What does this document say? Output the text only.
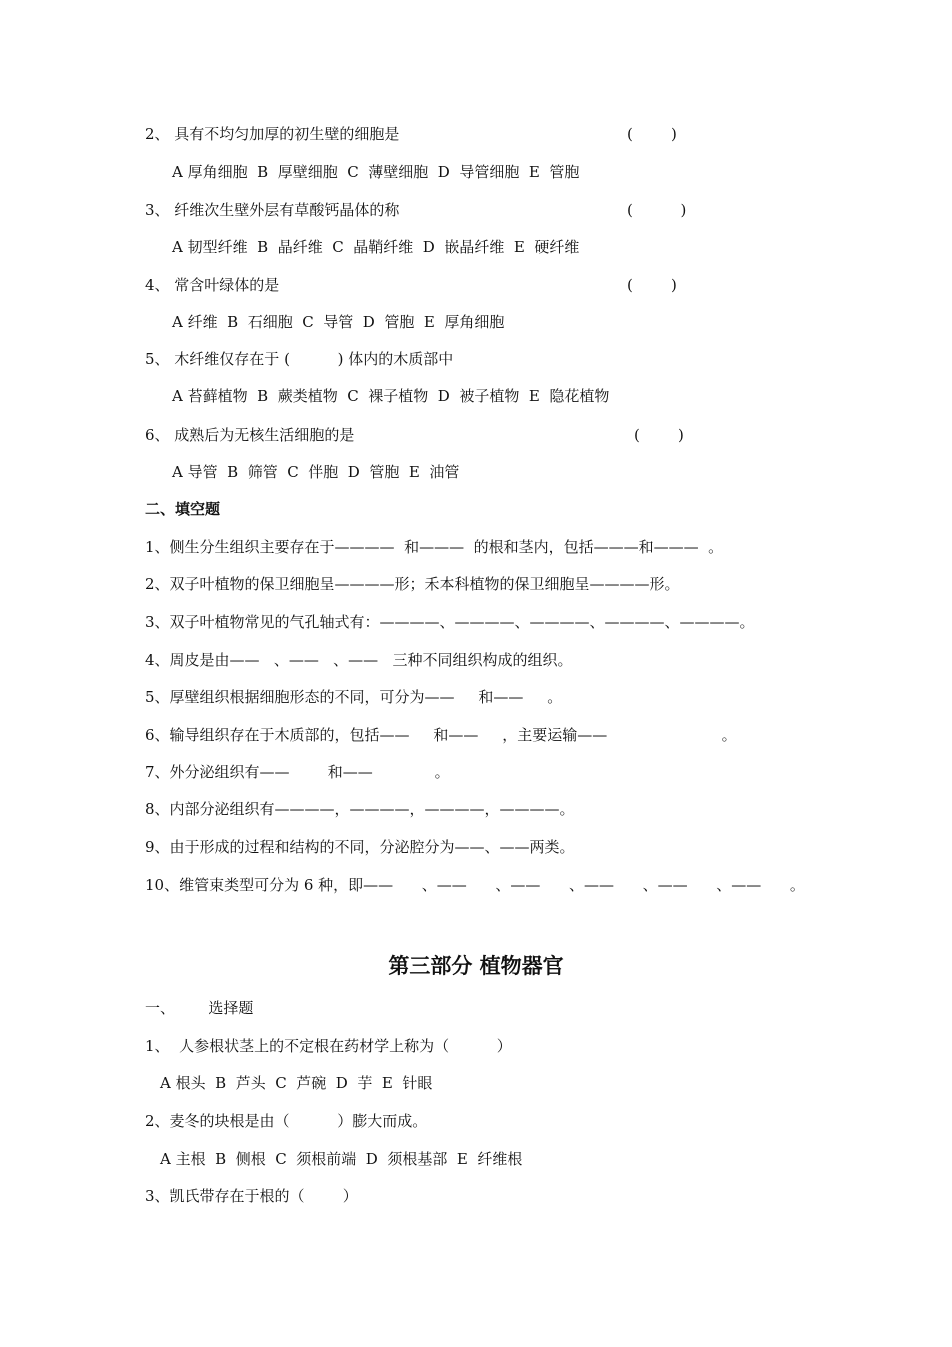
2、 具有不均匀加厚的初生壁的细胞是	(        )
A 厚角细胞  B  厚壁细胞  C  薄壁细胞  D  导管细胞  E  管胞
3、 纤维次生壁外层有草酸钙晶体的称	(          )
A 韧型纤维  B  晶纤维  C  晶鞘纤维  D  嵌晶纤维  E  硬纤维
4、 常含叶绿体的是	(        )
A 纤维  B  石细胞  C  导管  D  管胞  E  厚角细胞
5、 木纤维仅存在于 (          ) 体内的木质部中
A 苔藓植物  B  蕨类植物  C  裸子植物  D  被子植物  E  隐花植物
6、 成熟后为无核生活细胞的是	(        )
A 导管  B  筛管  C  伴胞  D  管胞  E  油管
二、填空题
1、侧生分生组织主要存在于————  和———  的根和茎内，包括———和———  。
2、双子叶植物的保卫细胞呈————形；禾本科植物的保卫细胞呈————形。
3、双子叶植物常见的气孔轴式有：————、————、————、————、————。
4、周皮是由——   、——   、——   三种不同组织构成的组织。
5、厚壁组织根据细胞形态的不同，可分为——     和——     。
6、输导组织存在于木质部的，包括——     和——     ，主要运输——                        。
7、外分泌组织有——        和——             。
8、内部分泌组织有————，————，————，————。
9、由于形成的过程和结构的不同，分泌腔分为——、——两类。
10、维管束类型可分为 6 种，即——      、——      、——      、——      、——      、——      。
第三部分 植物器官
一、       选择题
1、  人参根状茎上的不定根在药材学上称为（          ）
A 根头  B  芦头  C  芦碗  D  芋  E  针眼
2、麦冬的块根是由（          ）膨大而成。
A 主根  B  侧根  C  须根前端  D  须根基部  E  纤维根
3、凯氏带存在于根的（        ）
